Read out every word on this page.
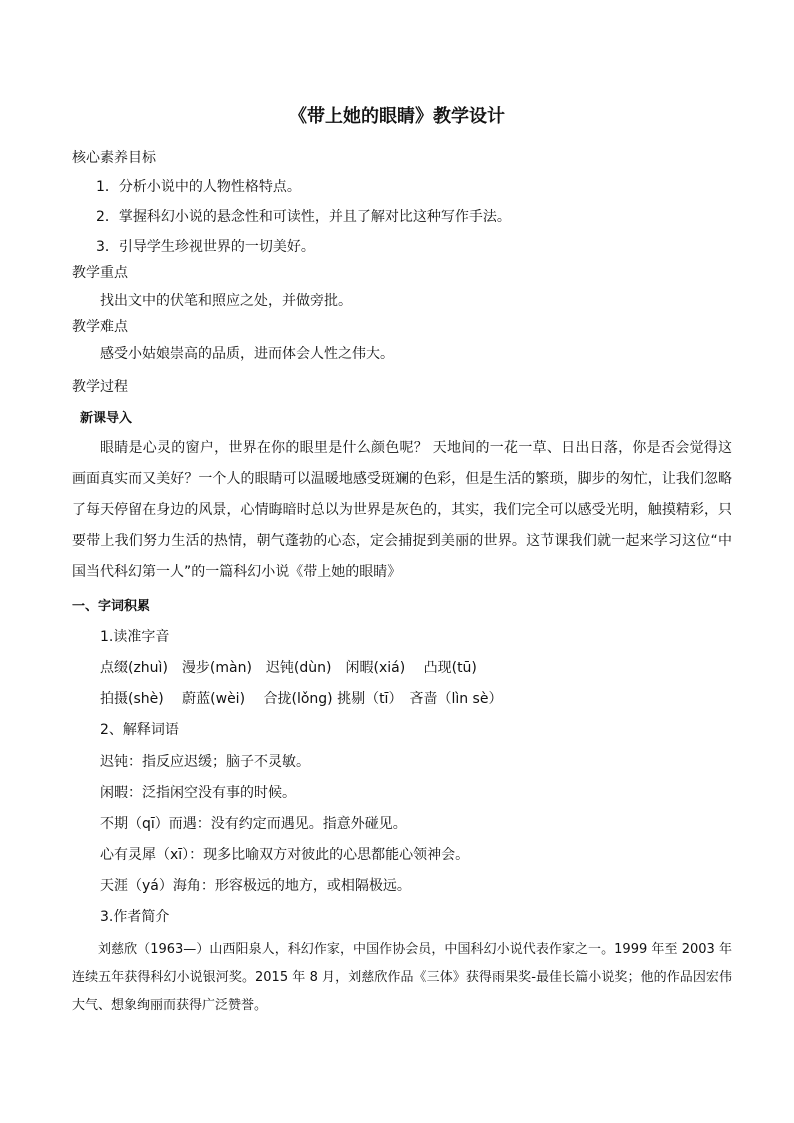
《带上她的眼睛》教学设计
核心素养目标
1．分析小说中的人物性格特点。
2．掌握科幻小说的悬念性和可读性，并且了解对比这种写作手法。
3．引导学生珍视世界的一切美好。
教学重点
找出文中的伏笔和照应之处，并做旁批。
教学难点
感受小姑娘崇高的品质，进而体会人性之伟大。
教学过程
新课导入
眼睛是心灵的窗户，世界在你的眼里是什么颜色呢？ 天地间的一花一草、日出日落，你是否会觉得这画面真实而又美好？一个人的眼睛可以温暖地感受斑斓的色彩，但是生活的繁琐，脚步的匆忙，让我们忽略了每天停留在身边的风景，心情晦暗时总以为世界是灰色的，其实，我们完全可以感受光明，触摸精彩，只要带上我们努力生活的热情，朝气蓬勃的心态，定会捕捉到美丽的世界。这节课我们就一起来学习这位“中国当代科幻第一人”的一篇科幻小说《带上她的眼睛》
一、字词积累
1.读准字音
点缀(zhuì)　漫步(màn)　迟钝(dùn)　闲暇(xiá)　 凸现(tū)
拍摄(shè)　 蔚蓝(wèi)　 合拢(lǒng) 挑剔（tī）　吝啬（lìn sè）
2、解释词语
迟钝：指反应迟缓；脑子不灵敏。
闲暇：泛指闲空没有事的时候。
不期（qī）而遇：没有约定而遇见。指意外碰见。
心有灵犀（xī）：现多比喻双方对彼此的心思都能心领神会。
天涯（yá）海角：形容极远的地方，或相隔极远。
3.作者简介
刘慈欣（1963—）山西阳泉人，科幻作家，中国作协会员，中国科幻小说代表作家之一。1999 年至 2003 年连续五年获得科幻小说银河奖。2015 年 8 月，刘慈欣作品《三体》获得雨果奖-最佳长篇小说奖；他的作品因宏伟大气、想象绚丽而获得广泛赞誉。
